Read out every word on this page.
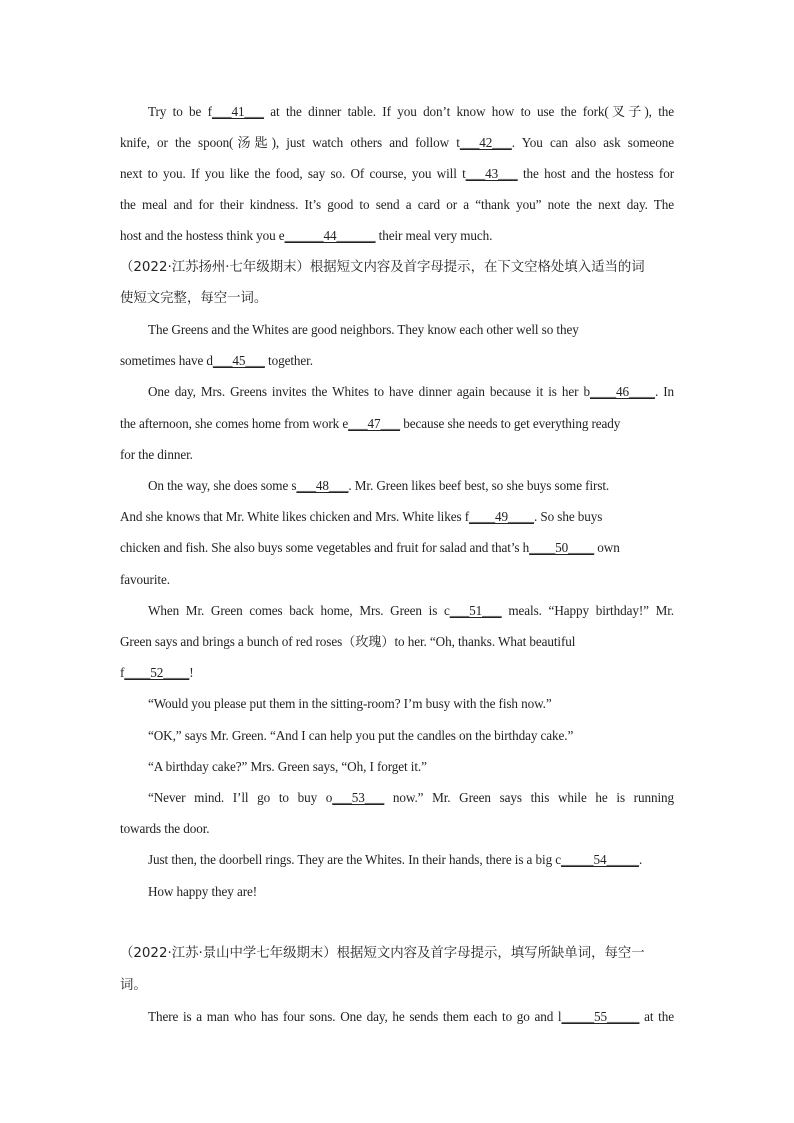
Try to be f___41___ at the dinner table. If you don’t know how to use the fork(叉子), the
knife, or the spoon(汤匙), just watch others and follow t___42___. You can also ask someone
next to you. If you like the food, say so. Of course, you will t___43___ the host and the hostess for
the meal and for their kindness. It’s good to send a card or a “thank you” note the next day. The
host and the hostess think you e______44______ their meal very much.
（2022·江苏扬州·七年级期末）根据短文内容及首字母提示，在下文空格处填入适当的词
使短文完整，每空一词。
The Greens and the Whites are good neighbors. They know each other well so they
sometimes have d___45___ together.
One day, Mrs. Greens invites the Whites to have dinner again because it is her b____46____. In
the afternoon, she comes home from work e___47___ because she needs to get everything ready
for the dinner.
On the way, she does some s___48___. Mr. Green likes beef best, so she buys some first.
And she knows that Mr. White likes chicken and Mrs. White likes f____49____. So she buys
chicken and fish. She also buys some vegetables and fruit for salad and that’s h____50____ own
favourite.
When Mr. Green comes back home, Mrs. Green is c___51___ meals. “Happy birthday!” Mr.
Green says and brings a bunch of red roses（玫瑰）to her. “Oh, thanks. What beautiful
f____52____!
“Would you please put them in the sitting-room? I’m busy with the fish now.”
“OK,” says Mr. Green. “And I can help you put the candles on the birthday cake.”
“A birthday cake?” Mrs. Green says, “Oh, I forget it.”
“Never mind. I’ll go to buy o___53___ now.” Mr. Green says this while he is running
towards the door.
Just then, the doorbell rings. They are the Whites. In their hands, there is a big c_____54_____.
How happy they are!
（2022·江苏·景山中学七年级期末）根据短文内容及首字母提示，填写所缺单词，每空一
词。
There is a man who has four sons. One day, he sends them each to go and l_____55_____ at the
